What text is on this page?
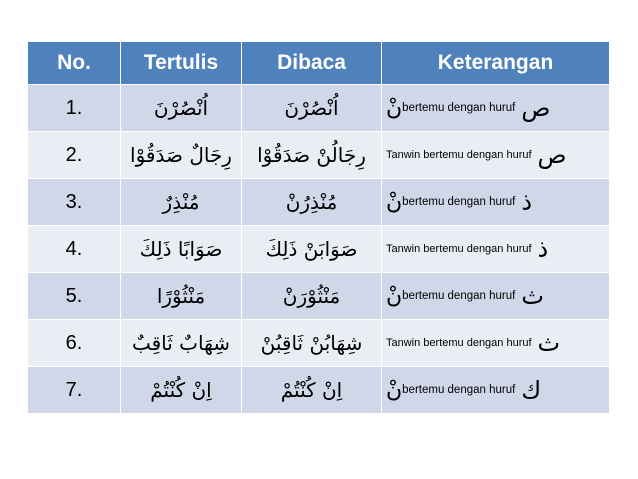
No.	Tertulis	Dibaca	Keterangan
1.	اُنْصُرْنَ	اُنْصُرْنَ	نْ bertemu dengan huruf ص

2.	رِجَالٌ صَدَقُوْا	رِجَالُنْ صَدَقُوْا	Tanwin bertemu dengan huruf ص

3.	مُنْذِرٌ	مُنْذِرُنْ	نْ bertemu dengan huruf ذ

4.	صَوَابًا ذَلِكَ	صَوَابَنْ ذَلِكَ	Tanwin bertemu dengan huruf ذ

5.	مَنْثُوْرًا	مَنْثُوْرَنْ	نْ bertemu dengan huruf ث

6.	شِهَابٌ ثَاقِبٌ	شِهَابُنْ ثَاقِبُنْ	Tanwin bertemu dengan huruf ث

7.	اِنْ كُنْتُمْ	اِنْ كُنْتُمْ	نْ bertemu dengan huruf ك
